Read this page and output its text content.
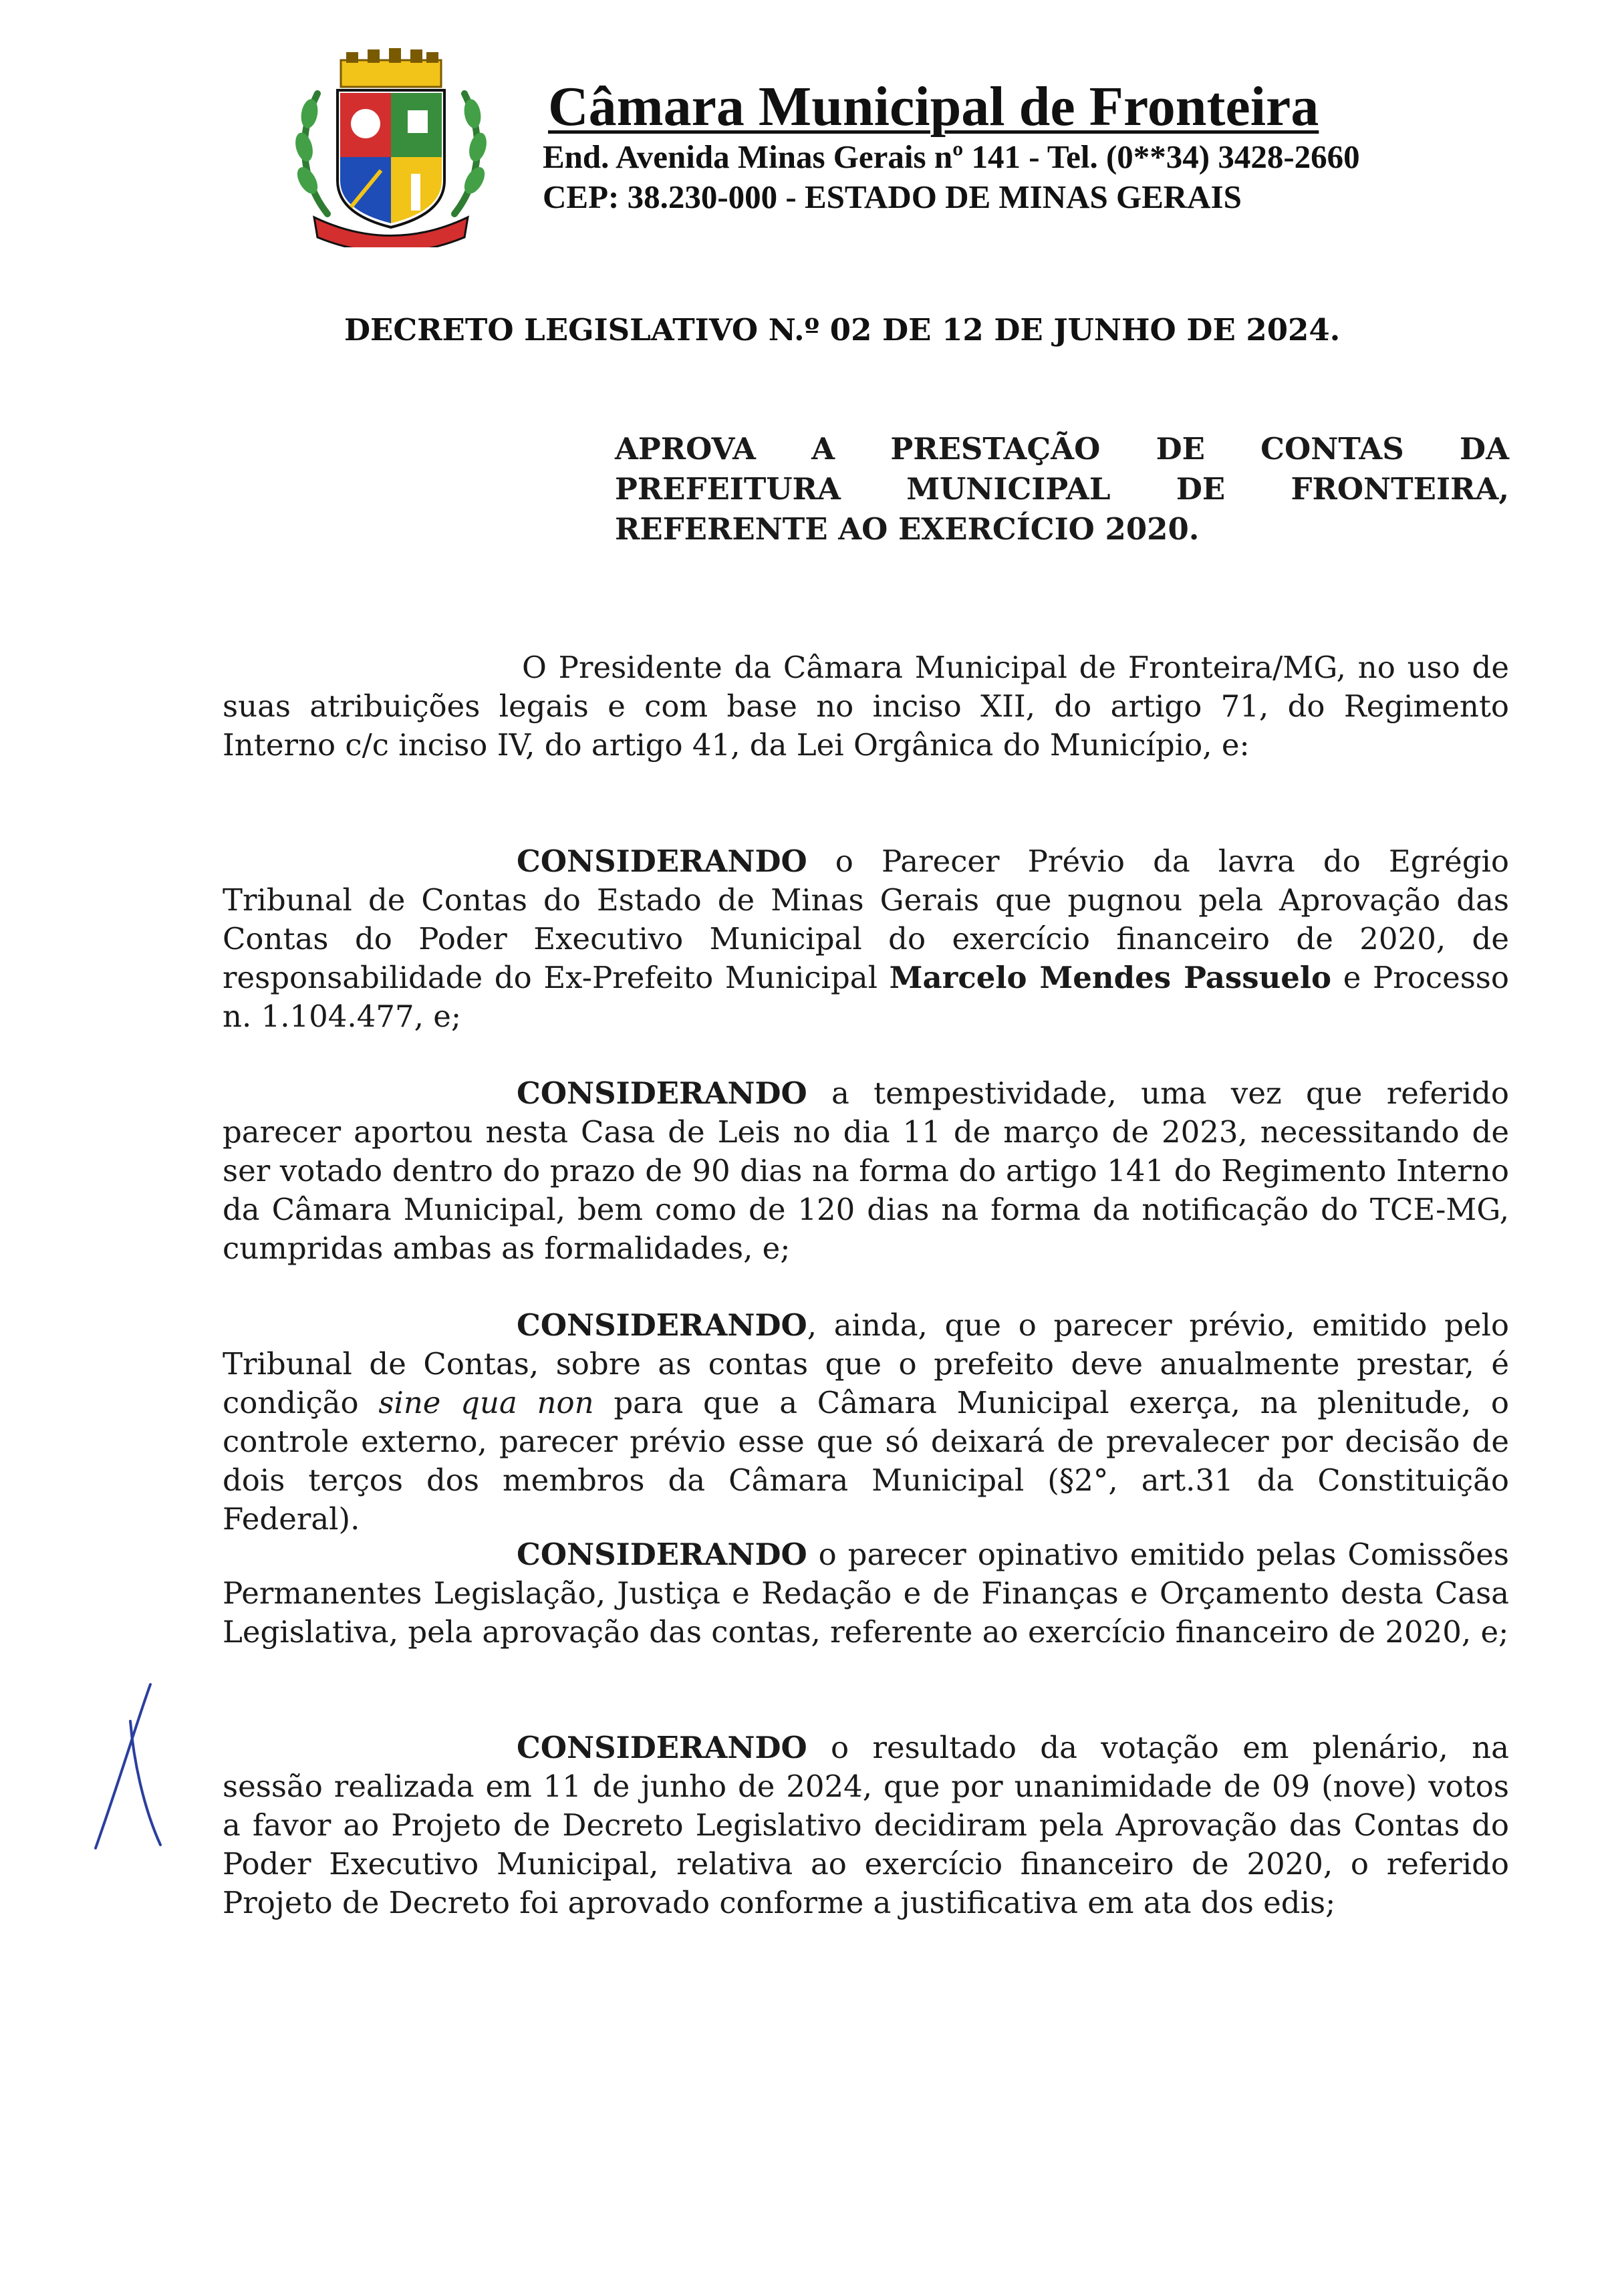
Câmara Municipal de Fronteira
End. Avenida Minas Gerais nº 141 - Tel. (0**34) 3428-2660
CEP: 38.230-000 - ESTADO DE MINAS GERAIS
DECRETO LEGISLATIVO N.º 02 DE 12 DE JUNHO DE 2024.
APROVA A PRESTAÇÃO DE CONTAS DA PREFEITURA MUNICIPAL DE FRONTEIRA, REFERENTE AO EXERCÍCIO 2020.
O Presidente da Câmara Municipal de Fronteira/MG, no uso de suas atribuições legais e com base no inciso XII, do artigo 71, do Regimento Interno c/c inciso IV, do artigo 41, da Lei Orgânica do Município, e:
CONSIDERANDO o Parecer Prévio da lavra do Egrégio Tribunal de Contas do Estado de Minas Gerais que pugnou pela Aprovação das Contas do Poder Executivo Municipal do exercício financeiro de 2020, de responsabilidade do Ex-Prefeito Municipal Marcelo Mendes Passuelo e Processo n. 1.104.477, e;
CONSIDERANDO a tempestividade, uma vez que referido parecer aportou nesta Casa de Leis no dia 11 de março de 2023, necessitando de ser votado dentro do prazo de 90 dias na forma do artigo 141 do Regimento Interno da Câmara Municipal, bem como de 120 dias na forma da notificação do TCE-MG, cumpridas ambas as formalidades, e;
CONSIDERANDO, ainda, que o parecer prévio, emitido pelo Tribunal de Contas, sobre as contas que o prefeito deve anualmente prestar, é condição sine qua non para que a Câmara Municipal exerça, na plenitude, o controle externo, parecer prévio esse que só deixará de prevalecer por decisão de dois terços dos membros da Câmara Municipal (§2°, art.31 da Constituição Federal).
CONSIDERANDO o parecer opinativo emitido pelas Comissões Permanentes Legislação, Justiça e Redação e de Finanças e Orçamento desta Casa Legislativa, pela aprovação das contas, referente ao exercício financeiro de 2020, e;
CONSIDERANDO o resultado da votação em plenário, na sessão realizada em 11 de junho de 2024, que por unanimidade de 09 (nove) votos a favor ao Projeto de Decreto Legislativo decidiram pela Aprovação das Contas do Poder Executivo Municipal, relativa ao exercício financeiro de 2020, o referido Projeto de Decreto foi aprovado conforme a justificativa em ata dos edis;
